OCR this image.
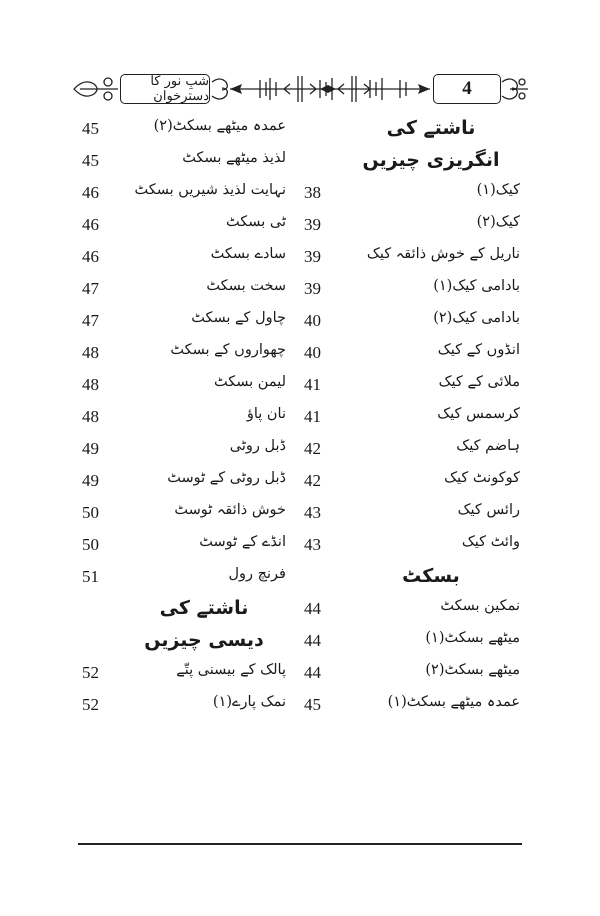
شبِ نور کا دسترخوان	4
ناشتے کی
انگریزی چیزیں
38	کیک(۱)
39	کیک(۲)
39	ناریل کے خوش ذائقہ کیک
39	بادامی کیک(۱)
40	بادامی کیک(۲)
40	انڈوں کے کیک
41	ملائی کے کیک
41	کرسمس کیک
42	ہاضم کیک
42	کوکونٹ کیک
43	رائس کیک
43	وائٹ کیک
بسکٹ
44	نمکین بسکٹ
44	میٹھے بسکٹ(۱)
44	میٹھے بسکٹ(۲)
45	عمدہ میٹھے بسکٹ(۱)
45	عمدہ میٹھے بسکٹ(۲)
45	لذیذ میٹھے بسکٹ
46 نہایت لذیذ شیریں بسکٹ
46	ٹی بسکٹ
46	سادے بسکٹ
47	سخت بسکٹ
47	چاول کے بسکٹ
48	چھواروں کے بسکٹ
48	لیمن بسکٹ
48	نان پاؤ
49	ڈبل روٹی
49	ڈبل روٹی کے ٹوسٹ
50	خوش ذائقہ ٹوسٹ
50	انڈے کے ٹوسٹ
51	فرنچ رول
ناشتے کی
دیسی چیزیں
52	پالک کے بیسنی پتّے
52	نمک پارے(۱)
